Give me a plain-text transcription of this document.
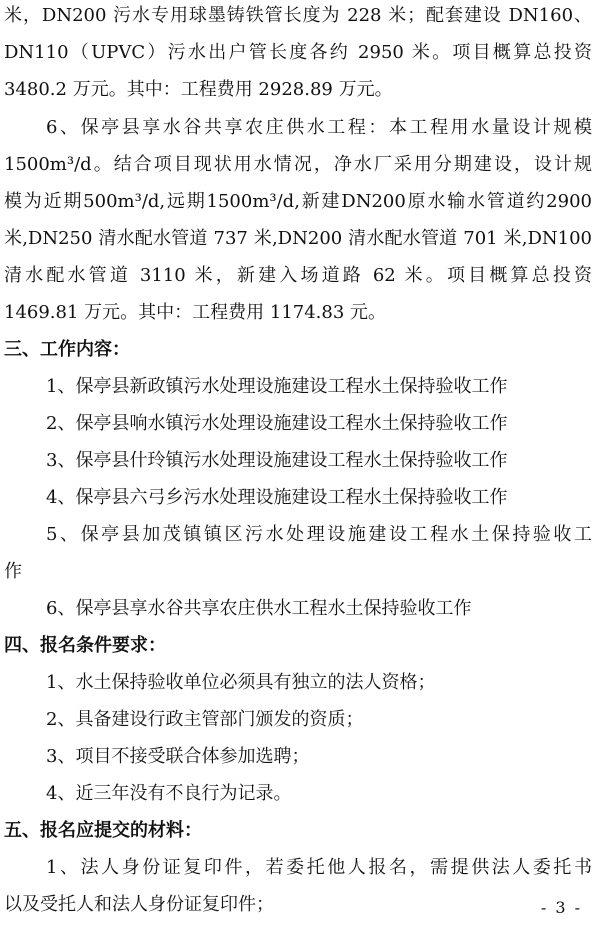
米，DN200 污水专用球墨铸铁管长度为 228 米；配套建设 DN160、
DN110（UPVC）污水出户管长度各约 2950 米。项目概算总投资
3480.2 万元。其中：工程费用 2928.89 万元。
6、保亭县享水谷共享农庄供水工程：本工程用水量设计规模
1500m³/d。结合项目现状用水情况，净水厂采用分期建设，设计规
模为近期500m³/d,远期1500m³/d,新建DN200原水输水管道约2900
米,DN250 清水配水管道 737 米,DN200 清水配水管道 701 米,DN100
清水配水管道 3110 米，新建入场道路 62 米。项目概算总投资
1469.81 万元。其中：工程费用 1174.83 元。
三、工作内容：
1、保亭县新政镇污水处理设施建设工程水土保持验收工作
2、保亭县响水镇污水处理设施建设工程水土保持验收工作
3、保亭县什玲镇污水处理设施建设工程水土保持验收工作
4、保亭县六弓乡污水处理设施建设工程水土保持验收工作
5、保亭县加茂镇镇区污水处理设施建设工程水土保持验收工
作
6、保亭县享水谷共享农庄供水工程水土保持验收工作
四、报名条件要求：
1、水土保持验收单位必须具有独立的法人资格；
2、具备建设行政主管部门颁发的资质；
3、项目不接受联合体参加选聘；
4、近三年没有不良行为记录。
五、报名应提交的材料：
1、法人身份证复印件，若委托他人报名，需提供法人委托书
以及受托人和法人身份证复印件；	- 3 -
